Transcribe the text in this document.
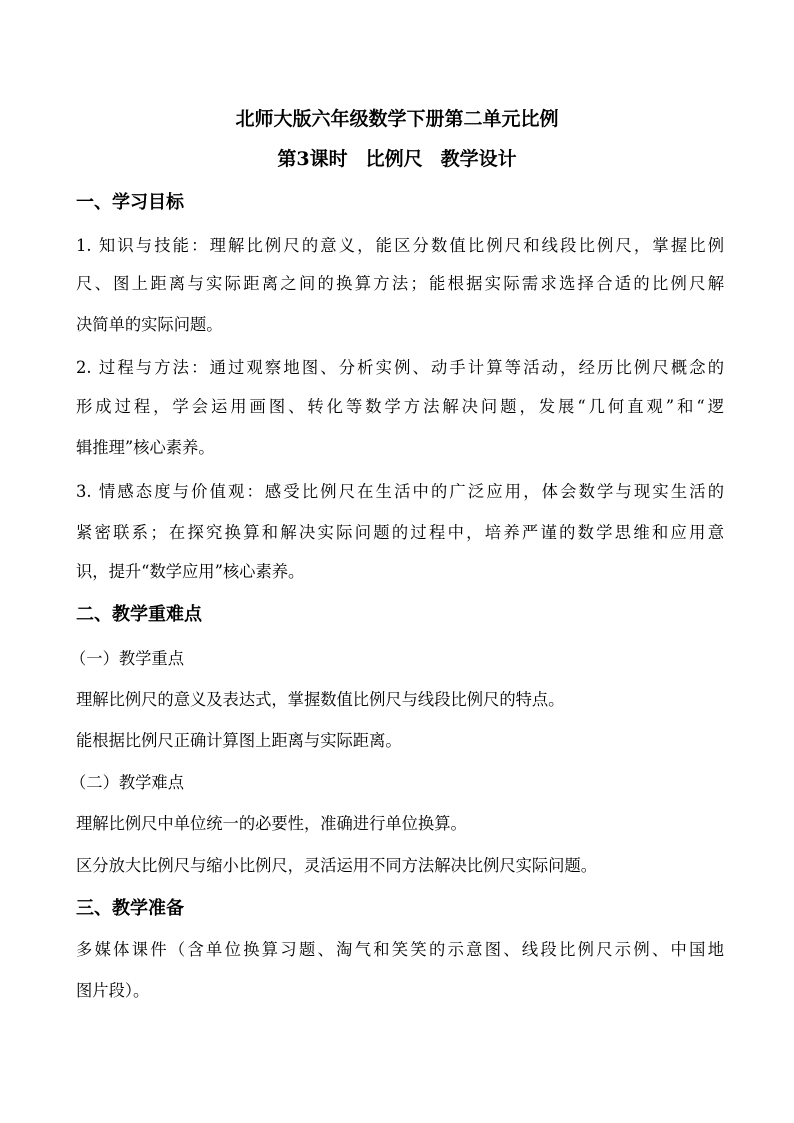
北师大版六年级数学下册第二单元比例
第3课时 比例尺 教学设计
一、学习目标
1. 知识与技能：理解比例尺的意义，能区分数值比例尺和线段比例尺，掌握比例
尺、图上距离与实际距离之间的换算方法；能根据实际需求选择合适的比例尺解
决简单的实际问题。
2. 过程与方法：通过观察地图、分析实例、动手计算等活动，经历比例尺概念的
形成过程，学会运用画图、转化等数学方法解决问题，发展“几何直观”和“逻
辑推理”核心素养。
3. 情感态度与价值观：感受比例尺在生活中的广泛应用，体会数学与现实生活的
紧密联系；在探究换算和解决实际问题的过程中，培养严谨的数学思维和应用意
识，提升“数学应用”核心素养。
二、教学重难点
（一）教学重点
理解比例尺的意义及表达式，掌握数值比例尺与线段比例尺的特点。
能根据比例尺正确计算图上距离与实际距离。
（二）教学难点
理解比例尺中单位统一的必要性，准确进行单位换算。
区分放大比例尺与缩小比例尺，灵活运用不同方法解决比例尺实际问题。
三、教学准备
多媒体课件（含单位换算习题、淘气和笑笑的示意图、线段比例尺示例、中国地
图片段）。
